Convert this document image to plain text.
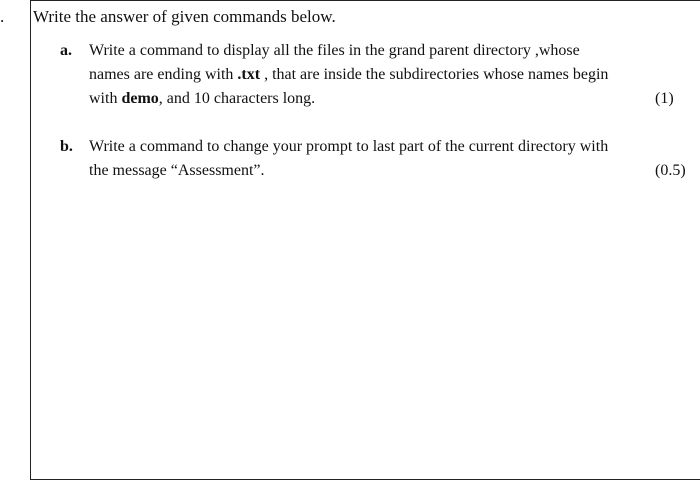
. Write the answer of given commands below.
a. Write a command to display all the files in the grand parent directory ,whose
names are ending with .txt , that are inside the subdirectories whose names begin
with demo, and 10 characters long.	(1)
b. Write a command to change your prompt to last part of the current directory with
the message “Assessment”.	(0.5)
